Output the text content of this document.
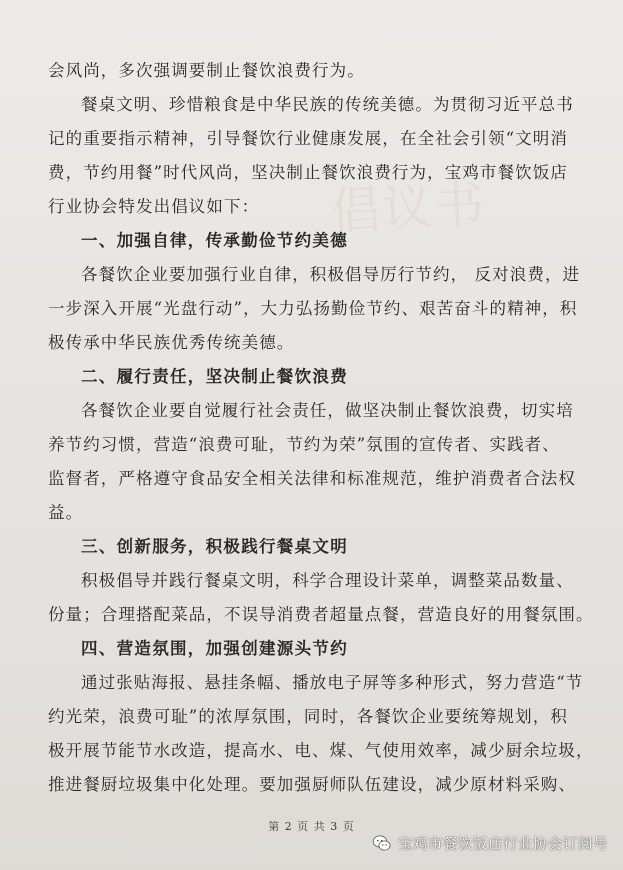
倡议书
会风尚，多次强调要制止餐饮浪费行为。
餐桌文明、珍惜粮食是中华民族的传统美德。为贯彻习近平总书
记的重要指示精神，引导餐饮行业健康发展，在全社会引领“文明消
费，节约用餐”时代风尚，坚决制止餐饮浪费行为，宝鸡市餐饮饭店
行业协会特发出倡议如下：
一、加强自律，传承勤俭节约美德
各餐饮企业要加强行业自律，积极倡导厉行节约， 反对浪费，进
一步深入开展“光盘行动”，大力弘扬勤俭节约、艰苦奋斗的精神，积
极传承中华民族优秀传统美德。
二、履行责任，坚决制止餐饮浪费
各餐饮企业要自觉履行社会责任，做坚决制止餐饮浪费，切实培
养节约习惯，营造“浪费可耻，节约为荣”氛围的宣传者、实践者、
监督者，严格遵守食品安全相关法律和标准规范，维护消费者合法权
益。
三、创新服务，积极践行餐桌文明
积极倡导并践行餐桌文明，科学合理设计菜单，调整菜品数量、
份量；合理搭配菜品，不误导消费者超量点餐，营造良好的用餐氛围。
四、营造氛围，加强创建源头节约
通过张贴海报、悬挂条幅、播放电子屏等多种形式，努力营造“节
约光荣，浪费可耻”的浓厚氛围，同时，各餐饮企业要统筹规划，积
极开展节能节水改造，提高水、电、煤、气使用效率，减少厨余垃圾，
推进餐厨垃圾集中化处理。要加强厨师队伍建设，减少原材料采购、
第 2 页 共 3 页
宝鸡市餐饮饭店行业协会订阅号
